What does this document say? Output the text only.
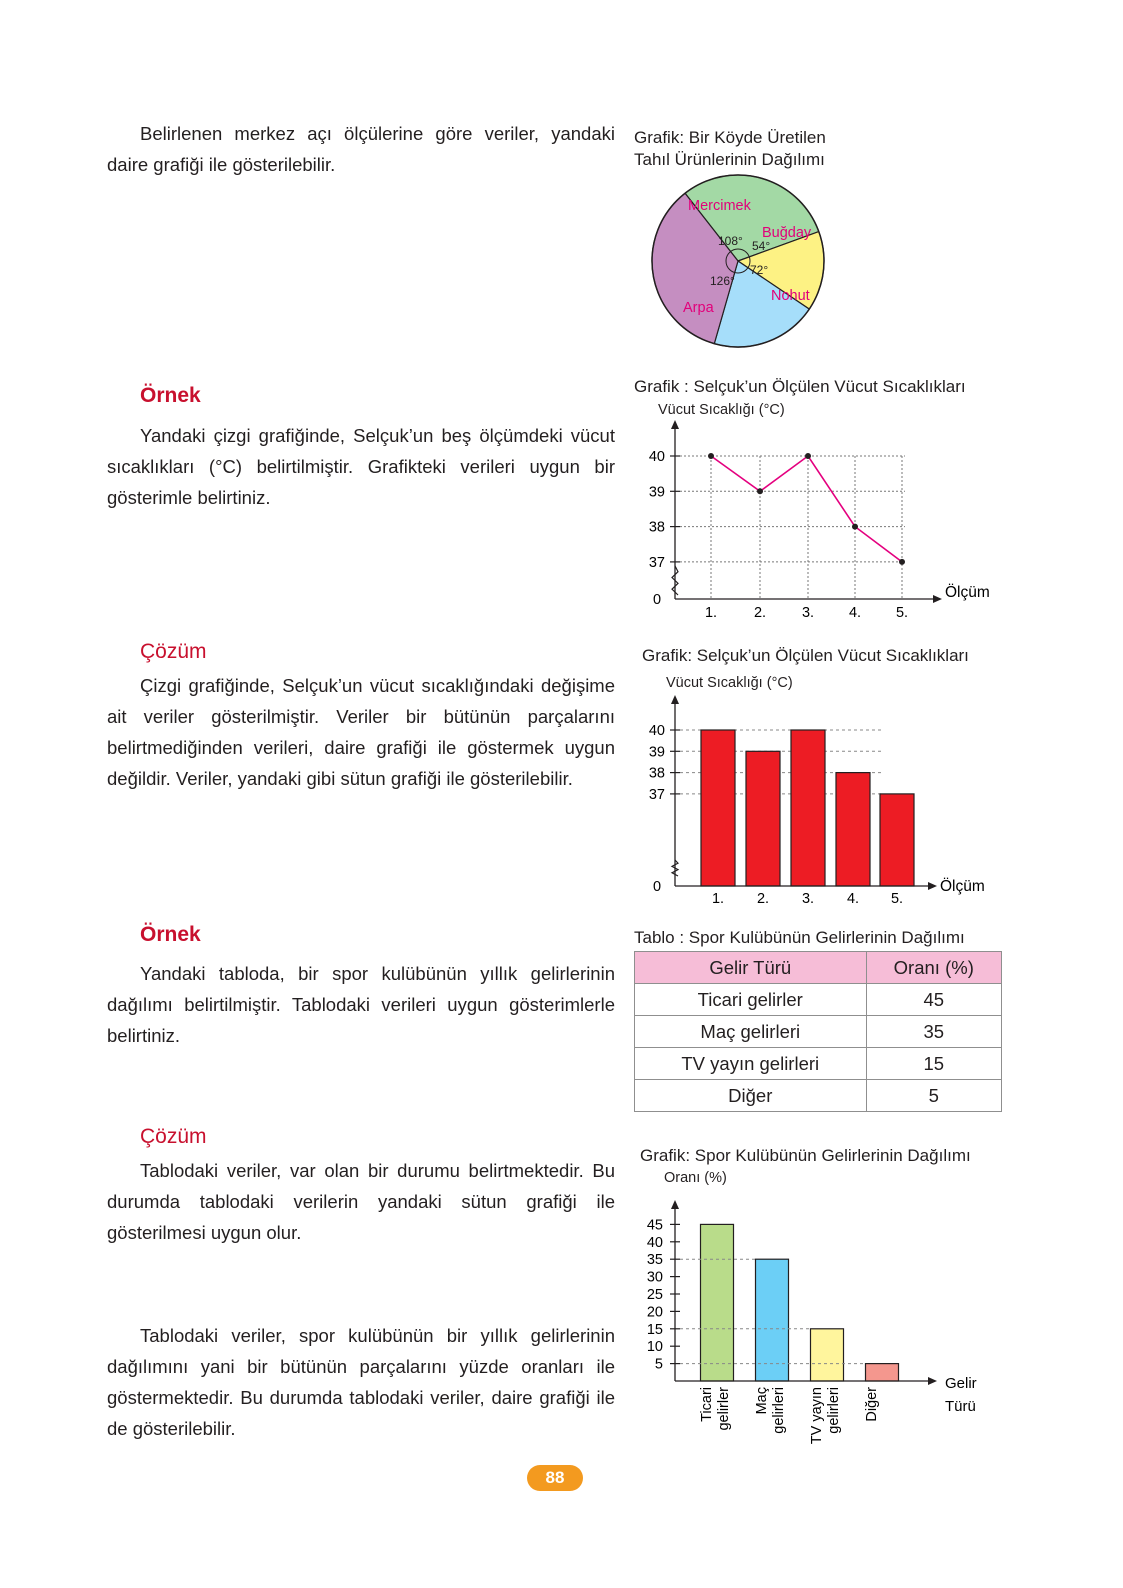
Belirlenen merkez açı ölçülerine göre veriler, yandaki daire grafiği ile gösterilebilir.

Örnek

Yandaki çizgi grafiğinde, Selçuk’un beş ölçümdeki vücut sıcaklıkları (°C) belirtilmiştir. Grafikteki verileri uygun bir gösterimle belirtiniz.

Çözüm

Çizgi grafiğinde, Selçuk’un vücut sıcaklığındaki değişime ait veriler gösterilmiştir. Veriler bir bütünün parçalarını belirtmediğinden verileri, daire grafiği ile göstermek uygun değildir. Veriler, yandaki gibi sütun grafiği ile gösterilebilir.

Örnek

Yandaki tabloda, bir spor kulübünün yıllık gelirlerinin dağılımı belirtilmiştir. Tablodaki verileri uygun gösterimlerle belirtiniz.

Çözüm

Tablodaki veriler, var olan bir durumu belirtmektedir. Bu durumda tablodaki verilerin yandaki sütun grafiği ile gösterilmesi uygun olur.

Tablodaki veriler, spor kulübünün bir yıllık gelirlerinin dağılımını yani bir bütünün parçalarını yüzde oranları ile göstermektedir. Bu durumda tablodaki veriler, daire grafiği ile de gösterilebilir.

Grafik: Bir Köyde Üretilen
Tahıl Ürünlerinin Dağılımı
Mercimek
108° Buğday
54°
Nohut
72°
Arpa
126°
Grafik : Selçuk’un Ölçülen Vücut Sıcaklıkları
Vücut Sıcaklığı (°C)
37
38
39
40
0
1.	2. 3. 4. 5.
Ölçüm
Grafik: Selçuk’un Ölçülen Vücut Sıcaklıkları
Vücut Sıcaklığı (°C)
37
38
39
40
0
1. 2. 3. 4. 5.
Ölçüm
Tablo : Spor Kulübünün Gelirlerinin Dağılımı
Gelir Türü	Oranı (%)
Ticari gelirler	45
Maç gelirleri	35
TV yayın gelirleri	15
Diğer	5
Grafik: Spor Kulübünün Gelirlerinin Dağılımı
Oranı (%)
5
10
15
20
25
30
35
40
45
Ticari gelirler Maç gelirleri TV yayın gelirleri Diğer
Gelir
Türü
88
